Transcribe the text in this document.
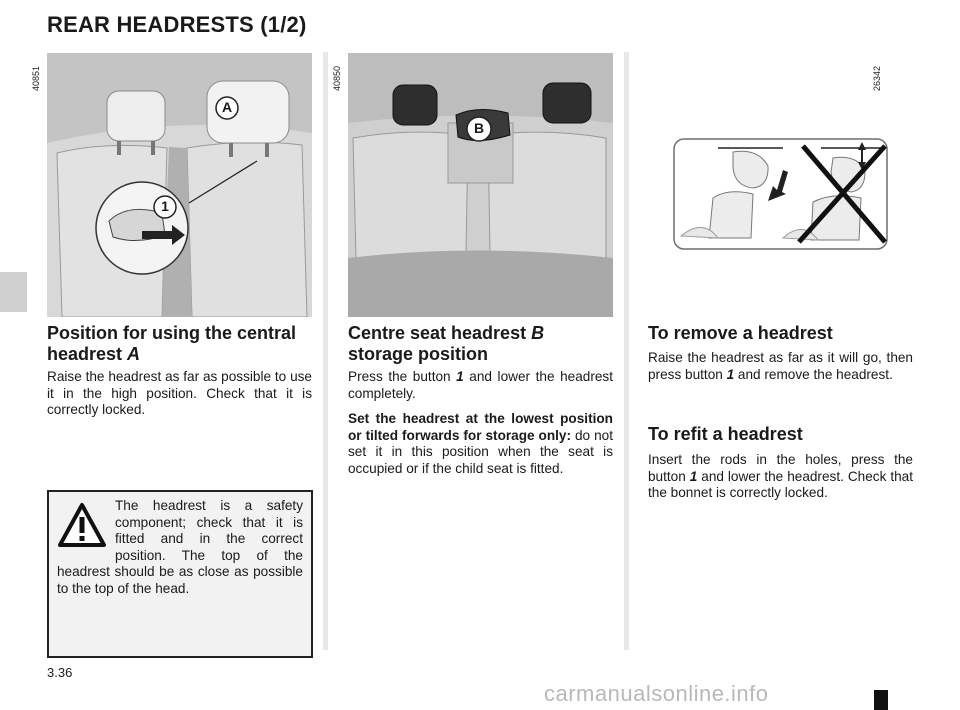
REAR HEADRESTS (1/2)
A
1
40851
B
40850	26342
Position for using the central headrest A
Raise the headrest as far as possible to use it in the high position. Check that it is correctly locked.
The headrest is a safety component; check that it is fitted and in the correct position. The top of the headrest should be as close as possible to the top of the head.
Centre seat headrest B
storage position
Press the button 1 and lower the headrest completely.
Set the headrest at the lowest position or tilted forwards for storage only: do not set it in this position when the seat is occupied or if the child seat is fitted.
To remove a headrest
Raise the headrest as far as it will go, then press button 1 and remove the headrest.
To refit a headrest
Insert the rods in the holes, press the button 1 and lower the headrest. Check that the bonnet is correctly locked.
3.36
carmanualsonline.info
